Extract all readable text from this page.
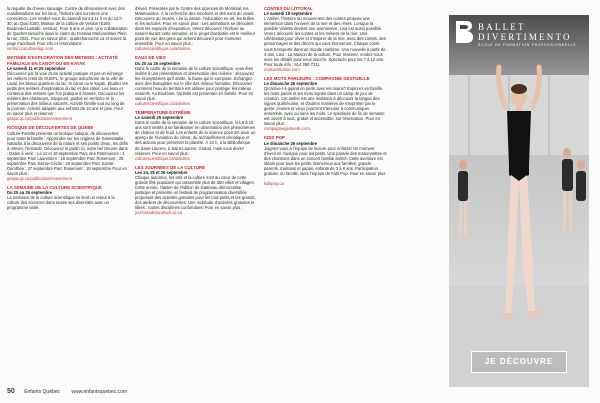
la requête du cheveu sauvage. Contre de dénouement avec des manifestations sur les lieux, l'histoire des sorcières une conscience. Les rendez-vous du samedi sont à 11 h et du 10 h 30, au Quai 5160, Maison de la culture de Verdun (5160, Boulevard LaSalle, Verdun). Pour 8 ans et plus. Une collaboration de Quatre'Hamoche dans le cadre du Festival Marionnettes Plein la rue, 2021. Pour en savoir plus : quatrehamoche.ca et suivez la page Facebook Pour info et réservations :

verdun.cacultureltqc.com

MATINÉE D'EXPLORATION DES MÉTIERS : ACTIVITÉ FAMILIALE EN CANOT OU EN KAYAK
Le samedi 11 et 25 septembre

Découvrez par la voie d'une activité pratique et par un échange les métiers réels de OUEPL, le groupe autochtone de la ville de Laval, les beaux quartiers du lac, le canot ou le kayak. Étudiez les petits des métiers d'exploration du lac et des côtes. Les lieux et contenus des métiers que l'on pratique à l'année. Découvrez les métiers des chasseurs, trappeurs, guides en territoire et la préservation des milieux naturels. Activité famille tout au long de la journée. Activité adaptée aux enfants de 10 ans et plus. Pour en savoir plus et réserver :

gaspa.qc.ca/publication/evenement

KIOSQUE DE DÉCOUVERTES DE QUEBE

Culture-Famille présente un kiosque ludique, de découvertes pour toute la famille : Apprendre sur les origines de Kanesatake, Natacha à la découverte de la nature et ses points d'eau, les défis à relever, l'entraide. Découvrez le jardin ici, votre bel Oeuvre dans : Dates à venir : Le 11 et 18 septembre Parc des Patrimoines : 4 septembre Parc Laurentien : 18 septembre Parc Rosemont : 25 septembre Parc Sainte-Cécile : 26 septembre Parc Sainte-Dorothée : 27 septembre Parc Rosemont : 19 septembre Pour en savoir plus :

gaspa.qc.ca/publication/evenement

LA SEMAINE DE LA CULTURE SCIENTIFIQUE
Du 20 au 26 septembre

La Semaine de la culture scientifique se tient un retour à la culture des sciences dans toutes ses diversités avec un programme varié.

d'éveil. Présentée par le Centre des sciences de Montréal, les Mauritanides. À la recherche des émotions et des sons du vivant. Découvrez au musée, Lire la nature, l'éducation en art, les bulles et les lectures. Pour en savoir plus : Les animations se déroulent dans les espaces d'exposition. Venez découvrir l'écriture au naturel durant cette semaine, et le projet d'activités est le meilleur point de vue des gens qui aiment découvrir pour s'amuser ensemble. Pour en savoir plus :

culturescientifique.ca/activites

EAUX DE VIES
Du 20 au 26 septembre

Dans le cadre de la semaine de la culture scientifique, vous êtes invités à une présentation et observation des rivières : découvrez les écosystèmes qu'il abrite, la faune qui le compose. Échangez avec des biologistes sur le rôle des milieux humides. Découvrez comment l'eau du territoire est utilisée pour protéger les milieux naturels. Au Biodôme, l'activité est présentée en famille. Pour en savoir plus :

culturescientifique.ca/activites

TEMPÉRATURE EXTRÊME
Le samedi 25 septembre

Dans le cadre de la semaine de la culture scientifique, les 6 à 10 ans sont invités à se familiariser en observation des phénomènes de chaleur et de froid. Les enfants de la science pourront avoir un aperçu de l'évolution du climat, du réchauffement climatique et des actions pour préserver la planète. À 10 h, à la Bibliothèque de Saint-Laurent, à Saint-Laurent. Gratuit, mais vous devez réserver. Pour en savoir plus :

culturescientifique.ca/activites

LES JOURNÉES DE LA CULTURE
Les 24, 25 et 26 septembre

Chaque automne, les arts et la culture sont au cœur de cette grande fête populaire qui rassemble plus de 350 villes et villages. Cette année, l'atelier de l'édition de Gatineau démocratise, participe et présente un festival de programmation diversifiée proposant des activités gratuites pour les tout-petits et les grands, des ateliers de découvertes. Une multitude d'activités gratuites et libres : toutes disciplines confondues! Pour en savoir plus :

journeesdelaculture.qc.ca

CONTES DU LITTORAL
Le samedi 18 septembre

L'Atelier, l'histoire du mouvement des contes propose une immersion dans l'univers de la mer et des rêves. Lorsque la paisible Violette devient une aventurière, Lisa est aussi possible. Venez découvrir les contes et les métiers de la mer. Une célébration pour rêver et s'inspirer de la mer, avec des contes, des personnages et des décors qui vous étonneront. Chaque conte vous transporte dans un monde maritime. Une nouvelle à partir de 4 ans. Lieu : La Maison de la culture. Pour réserver, rendez-vous avec les détails pour vous inscrire. Spectacle pour les 7 à 12 ans. Pour toute info : 514 280-7211

maisonlittorale.com

LES MOTS PARLEURS : COMPAGNIE GESTUELLE
Le dimanche 26 septembre

Qu'arrive-t-il quand on parle avec les mains? Explorez en famille les mots parlés et les mots signés dans un camp de jour de création. Cet atelier est une invitation à découvrir la langue des signes québécoise, et d'autres manières de s'exprimer par le geste. Jeunes et vieux pourront s'amuser à communiquer ensemble, avec ou sans les mots. Le spectacle de fin de semaine est ouvert à tous, gratuit et accessible, sur réservation. Pour en savoir plus :

compagniegestuelle.com

KIDS POP
Le dimanche 26 septembre

Joignez-vous à l'équipe de lecture pour enfants! Un moment d'éveil en musique pour les petits. Une parade des marionnettes et des chansons dans un concert familial animé. Cette aventure est idéale pour tous les petits. Bienvenue aux familles, grands-parents, mamans et papas, enfants de 3 à 8 ans. Participation gratuite, en famille, avec l'équipe de Kids Pop. Pour en savoir plus :

kidspop.ca

BALLET
DIVERTIMENTO
ÉCOLE DE FORMATION PROFESSIONNELLE
JE DÉCOUVRE
50 Enfants Québec www.enfantsquebec.com
